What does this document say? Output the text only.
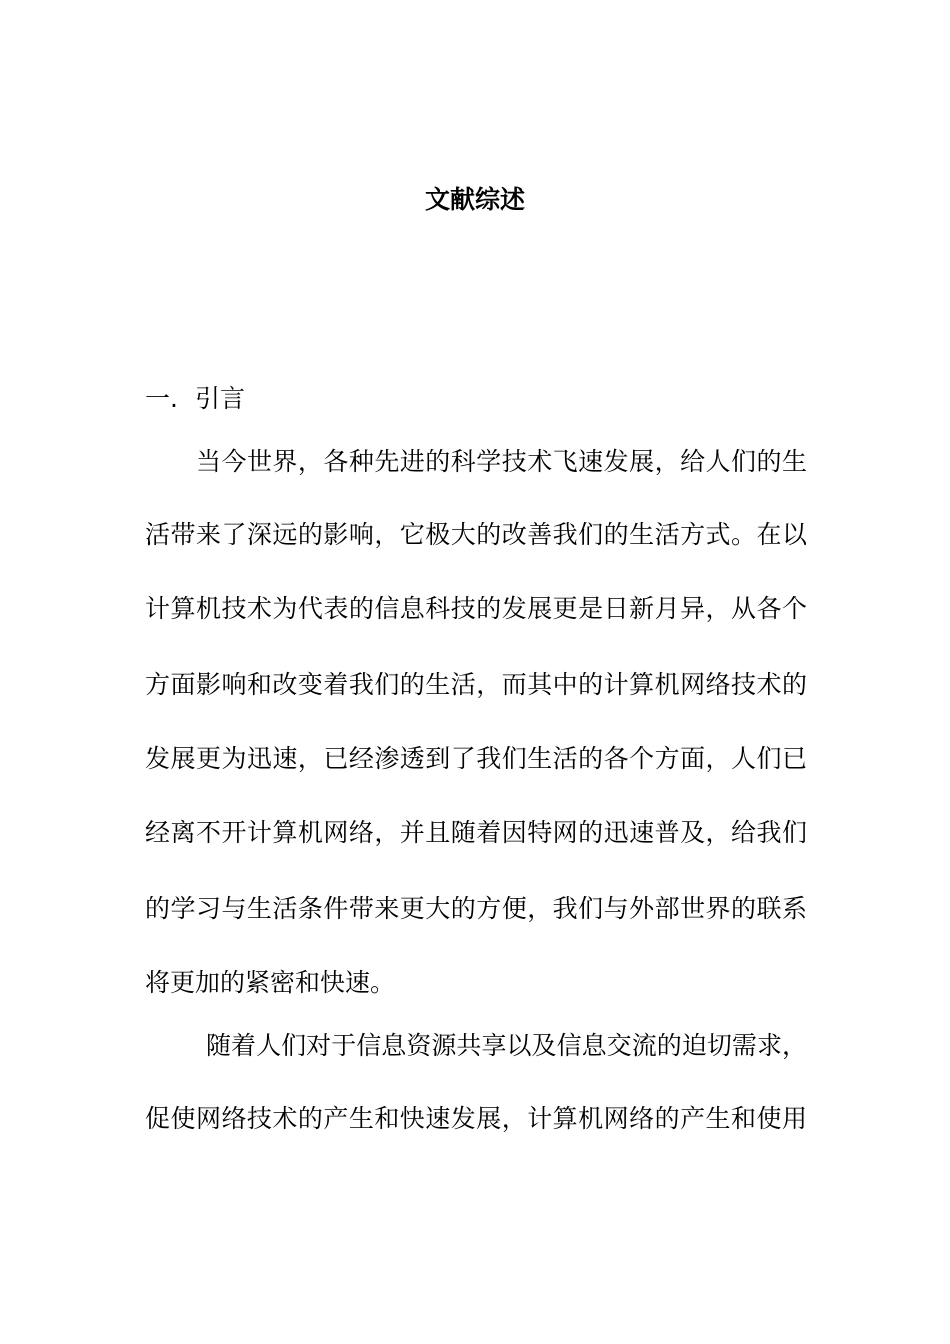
文献综述
一. 引言
当今世界，各种先进的科学技术飞速发展，给人们的生
活带来了深远的影响，它极大的改善我们的生活方式。在以
计算机技术为代表的信息科技的发展更是日新月异，从各个
方面影响和改变着我们的生活，而其中的计算机网络技术的
发展更为迅速，已经渗透到了我们生活的各个方面，人们已
经离不开计算机网络，并且随着因特网的迅速普及，给我们
的学习与生活条件带来更大的方便，我们与外部世界的联系
将更加的紧密和快速。
随着人们对于信息资源共享以及信息交流的迫切需求，
促使网络技术的产生和快速发展，计算机网络的产生和使用
